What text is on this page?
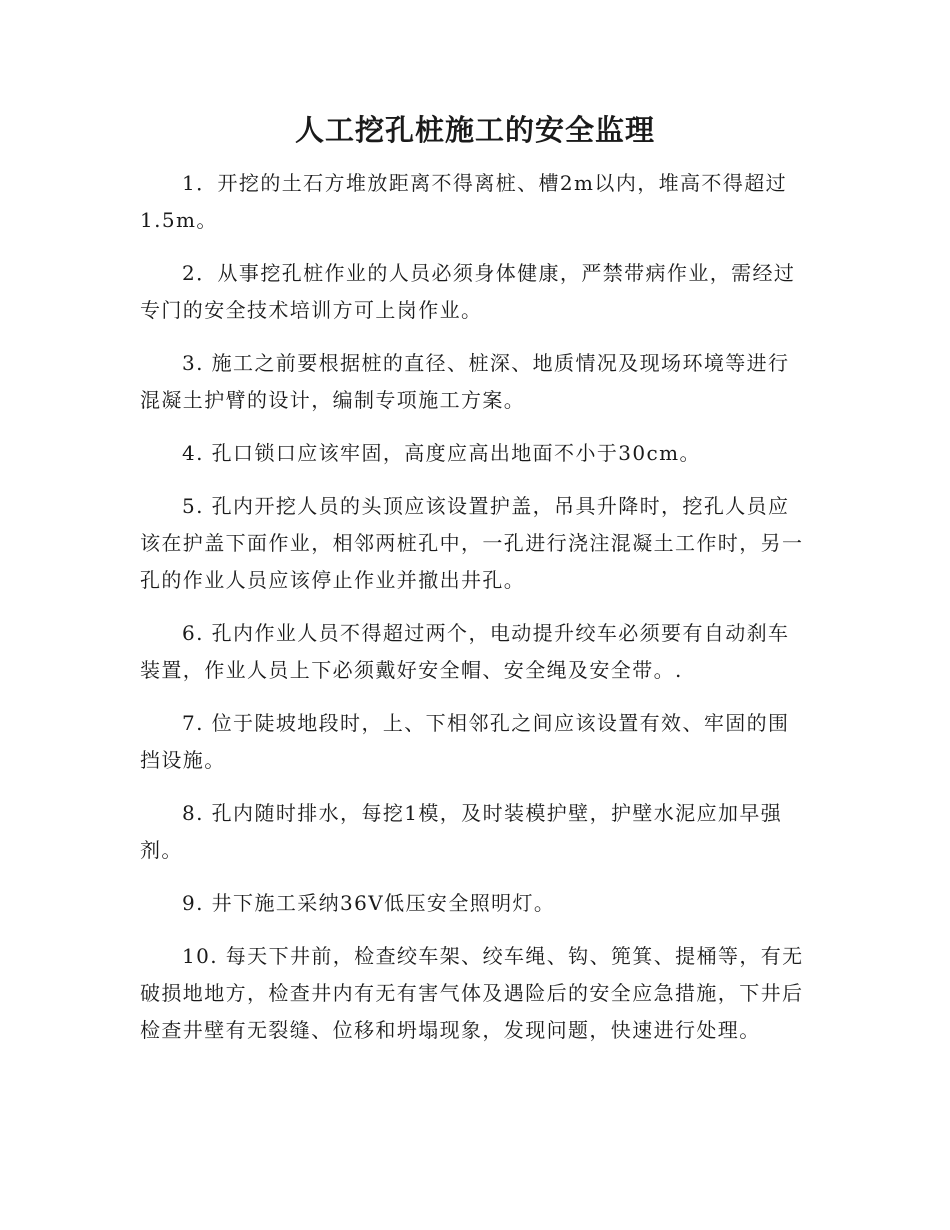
人工挖孔桩施工的安全监理

1．开挖的土石方堆放距离不得离桩、槽2m以内，堆高不得超过1.5m。

2．从事挖孔桩作业的人员必须身体健康，严禁带病作业，需经过专门的安全技术培训方可上岗作业。

3. 施工之前要根据桩的直径、桩深、地质情况及现场环境等进行混凝土护臂的设计，编制专项施工方案。

4. 孔口锁口应该牢固，高度应高出地面不小于30cm。

5. 孔内开挖人员的头顶应该设置护盖，吊具升降时，挖孔人员应该在护盖下面作业，相邻两桩孔中，一孔进行浇注混凝土工作时，另一孔的作业人员应该停止作业并撤出井孔。

6. 孔内作业人员不得超过两个，电动提升绞车必须要有自动刹车装置，作业人员上下必须戴好安全帽、安全绳及安全带。.

7. 位于陡坡地段时，上、下相邻孔之间应该设置有效、牢固的围挡设施。

8. 孔内随时排水，每挖1模，及时装模护壁，护壁水泥应加早强剂。

9. 井下施工采纳36V低压安全照明灯。

10. 每天下井前，检查绞车架、绞车绳、钩、篼箕、提桶等，有无破损地地方，检查井内有无有害气体及遇险后的安全应急措施，下井后检查井壁有无裂缝、位移和坍塌现象，发现问题，快速进行处理。
